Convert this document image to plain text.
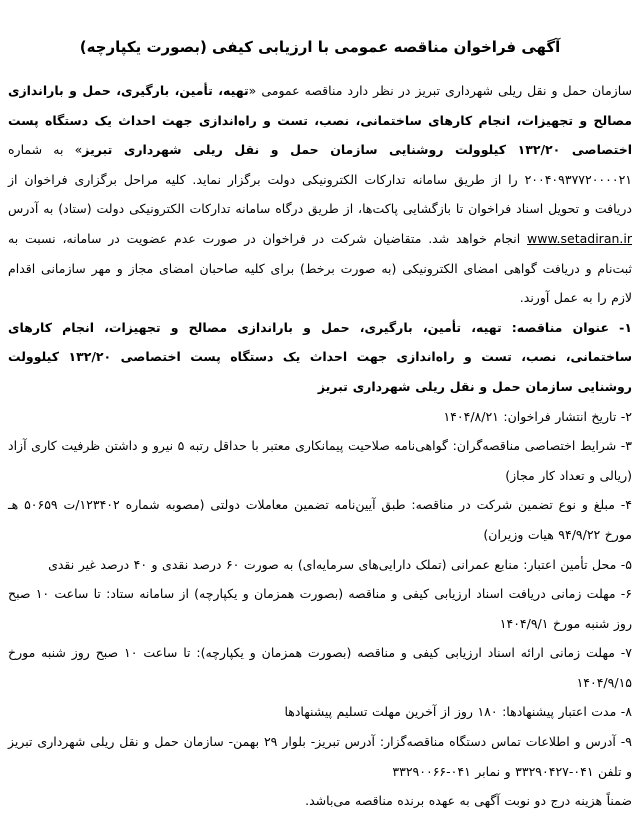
آگهی فراخوان مناقصه عمومی با ارزیابی کیفی (بصورت یکپارچه)

سازمان حمل و نقل ریلی شهرداری تبریز در نظر دارد مناقصه عمومی «تهیه، تأمین، بارگیری، حمل و باراندازی مصالح و تجهیزات، انجام کارهای ساختمانی، نصب، تست و راه‌اندازی جهت احداث یک دستگاه پست اختصاصی ۱۳۲/۲۰ کیلوولت روشنایی سازمان حمل و نقل ریلی شهرداری تبریز» به شماره ۲۰۰۴۰۹۳۷۷۲۰۰۰۰۲۱ را از طریق سامانه تدارکات الکترونیکی دولت برگزار نماید. کلیه مراحل برگزاری فراخوان از دریافت و تحویل اسناد فراخوان تا بازگشایی پاکت‌ها، از طریق درگاه سامانه تدارکات الکترونیکی دولت (ستاد) به آدرس www.setadiran.ir انجام خواهد شد. متقاضیان شرکت در فراخوان در صورت عدم عضویت در سامانه، نسبت به ثبت‌نام و دریافت گواهی امضای الکترونیکی (به صورت برخط) برای کلیه صاحبان امضای مجاز و مهر سازمانی اقدام لازم را به عمل آورند.

۱- عنوان مناقصه: تهیه، تأمین، بارگیری، حمل و باراندازی مصالح و تجهیزات، انجام کارهای ساختمانی، نصب، تست و راه‌اندازی جهت احداث یک دستگاه پست اختصاصی ۱۳۲/۲۰ کیلوولت روشنایی سازمان حمل و نقل ریلی شهرداری تبریز

۲- تاریخ انتشار فراخوان: ۱۴۰۴/۸/۲۱

۳- شرایط اختصاصی مناقصه‌گران: گواهی‌نامه صلاحیت پیمانکاری معتبر با حداقل رتبه ۵ نیرو و داشتن ظرفیت کاری آزاد (ریالی و تعداد کار مجاز)

۴- مبلغ و نوع تضمین شرکت در مناقصه: طبق آیین‌نامه تضمین معاملات دولتی (مصوبه شماره ۱۲۳۴۰۲/ت ۵۰۶۵۹ هـ مورخ ۹۴/۹/۲۲ هیات وزیران)

۵- محل تأمین اعتبار: منابع عمرانی (تملک دارایی‌های سرمایه‌ای) به صورت ۶۰ درصد نقدی و ۴۰ درصد غیر نقدی

۶- مهلت زمانی دریافت اسناد ارزیابی کیفی و مناقصه (بصورت همزمان و یکپارچه) از سامانه ستاد: تا ساعت ۱۰ صبح روز شنبه مورخ ۱۴۰۴/۹/۱

۷- مهلت زمانی ارائه اسناد ارزیابی کیفی و مناقصه (بصورت همزمان و یکپارچه): تا ساعت ۱۰ صبح روز شنبه مورخ ۱۴۰۴/۹/۱۵

۸- مدت اعتبار پیشنهادها: ۱۸۰ روز از آخرین مهلت تسلیم پیشنهادها

۹- آدرس و اطلاعات تماس دستگاه مناقصه‌گزار: آدرس تبریز- بلوار ۲۹ بهمن- سازمان حمل و نقل ریلی شهرداری تبریز و تلفن ۰۴۱-۳۳۲۹۰۴۲۷ و نمابر ۰۴۱-۳۳۲۹۰۰۶۶

ضمناً هزینه درج دو نوبت آگهی به عهده برنده مناقصه می‌باشد.
